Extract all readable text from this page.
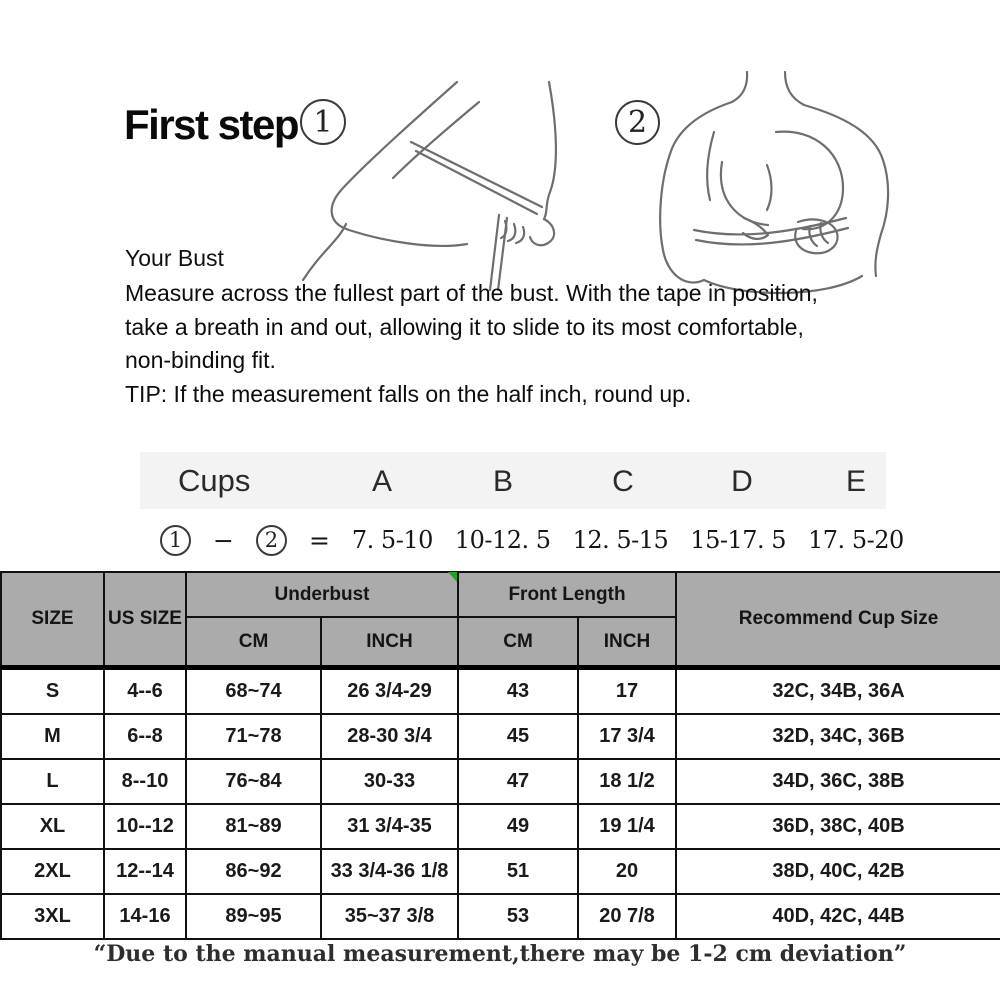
First step 1	2
Your Bust
Measure across the fullest part of the bust. With the tape in position,
take a breath in and out, allowing it to slide to its most comfortable,
non-binding fit.
TIP: If the measurement falls on the half inch, round up.
Cups	A	B	C	D	E
1 − 2 = 7. 5-10 10-12. 5 12. 5-15 15-17. 5 17. 5-20
SIZE	US SIZE	Underbust		Front Length		Recommend Cup Size
		CM	INCH	CM	INCH	
S	4--6	68~74	26 3/4-29	43	17	32C, 34B, 36A
M	6--8	71~78	28-30 3/4	45	17 3/4	32D, 34C, 36B
L	8--10	76~84	30-33	47	18 1/2	34D, 36C, 38B
XL	10--12	81~89	31 3/4-35	49	19 1/4	36D, 38C, 40B
2XL	12--14	86~92	33 3/4-36 1/8	51	20	38D, 40C, 42B
3XL	14-16	89~95	35~37 3/8	53	20 7/8	40D, 42C, 44B
“Due to the manual measurement,there may be 1-2 cm deviation”
